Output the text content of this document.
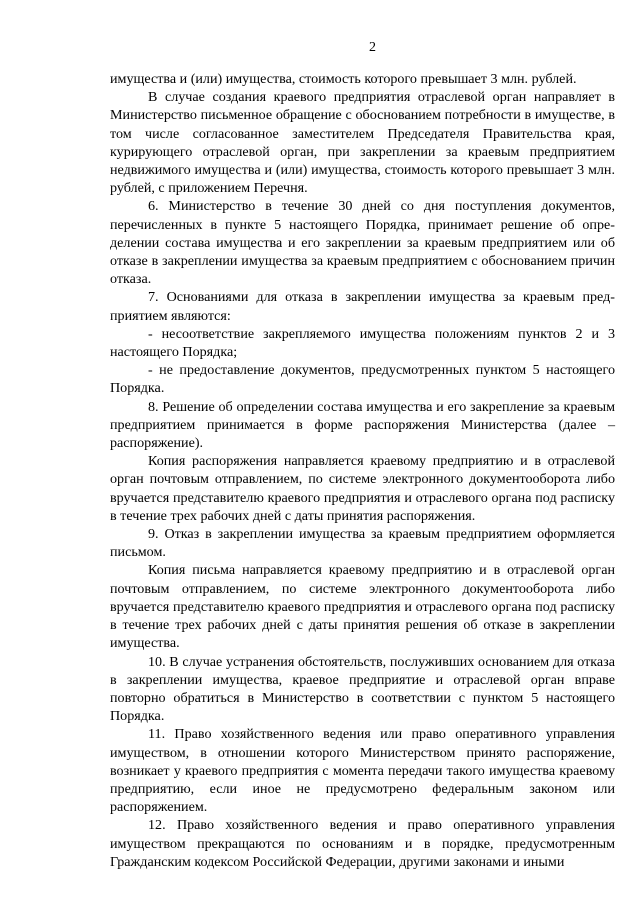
2

имущества и (или) имущества, стоимость которого превышает 3 млн. рублей.

В случае создания краевого предприятия отраслевой орган направляет в Министерство письменное обращение с обоснованием потребности в имуществе, в том числе согласованное заместителем Председателя Правительства края, курирующего отраслевой орган, при закреплении за краевым предприятием недвижимого имущества и (или) имущества, стоимость которого превышает 3 млн. рублей, с приложением Перечня.

6. Министерство в течение 30 дней со дня поступления документов, перечисленных в пункте 5 настоящего Порядка, принимает решение об определении состава имущества и его закреплении за краевым предприятием или об отказе в закреплении имущества за краевым предприятием с обоснованием причин отказа.

7. Основаниями для отказа в закреплении имущества за краевым предприятием являются:

- несоответствие закрепляемого имущества положениям пунктов 2 и 3 настоящего Порядка;

- не предоставление документов, предусмотренных пунктом 5 настоящего Порядка.

8. Решение об определении состава имущества и его закрепление за краевым предприятием принимается в форме распоряжения Министерства (далее – распоряжение).

Копия распоряжения направляется краевому предприятию и в отраслевой орган почтовым отправлением, по системе электронного документооборота либо вручается представителю краевого предприятия и отраслевого органа под расписку в течение трех рабочих дней с даты принятия распоряжения.

9. Отказ в закреплении имущества за краевым предприятием оформляется письмом.

Копия письма направляется краевому предприятию и в отраслевой орган почтовым отправлением, по системе электронного документооборота либо вручается представителю краевого предприятия и отраслевого органа под расписку в течение трех рабочих дней с даты принятия решения об отказе в закреплении имущества.

10. В случае устранения обстоятельств, послуживших основанием для отказа в закреплении имущества, краевое предприятие и отраслевой орган вправе повторно обратиться в Министерство в соответствии с пунктом 5 настоящего Порядка.

11. Право хозяйственного ведения или право оперативного управления имуществом, в отношении которого Министерством принято распоряжение, возникает у краевого предприятия с момента передачи такого имущества краевому предприятию, если иное не предусмотрено федеральным законом или распоряжением.

12. Право хозяйственного ведения и право оперативного управления имуществом прекращаются по основаниям и в порядке, предусмотренным Гражданским кодексом Российской Федерации, другими законами и иными
